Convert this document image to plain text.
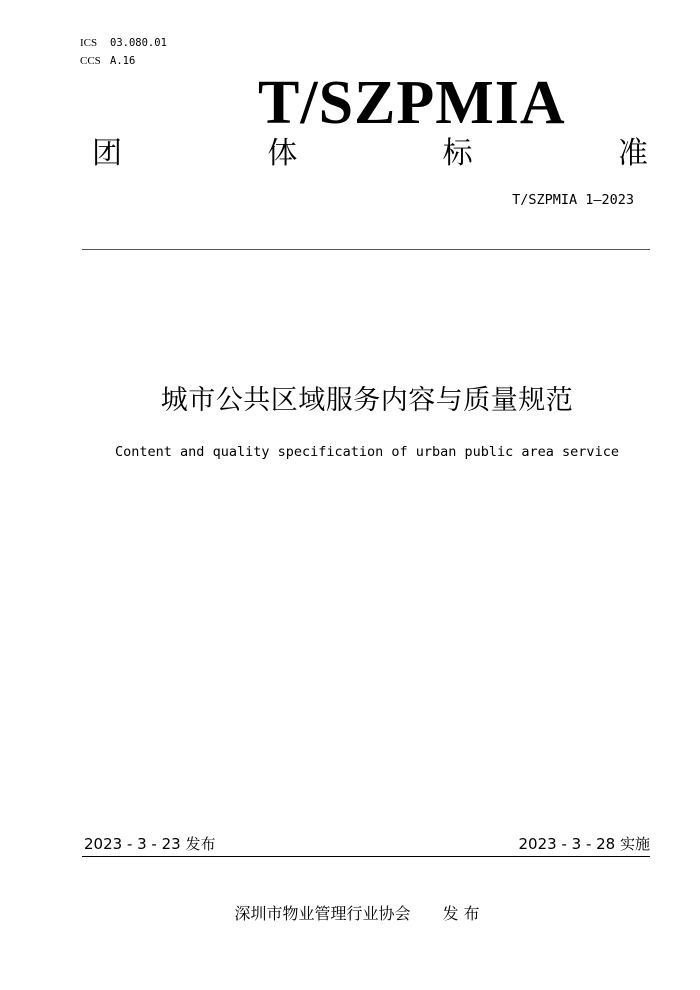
ICS 03.080.01
CCS A.16
T/SZPMIA
团	体	标	准
T/SZPMIA 1—2023
城市公共区域服务内容与质量规范
Content and quality specification of urban public area service
2023 - 3 - 23 发布	2023 - 3 - 28 实施
深圳市物业管理行业协会 发 布
